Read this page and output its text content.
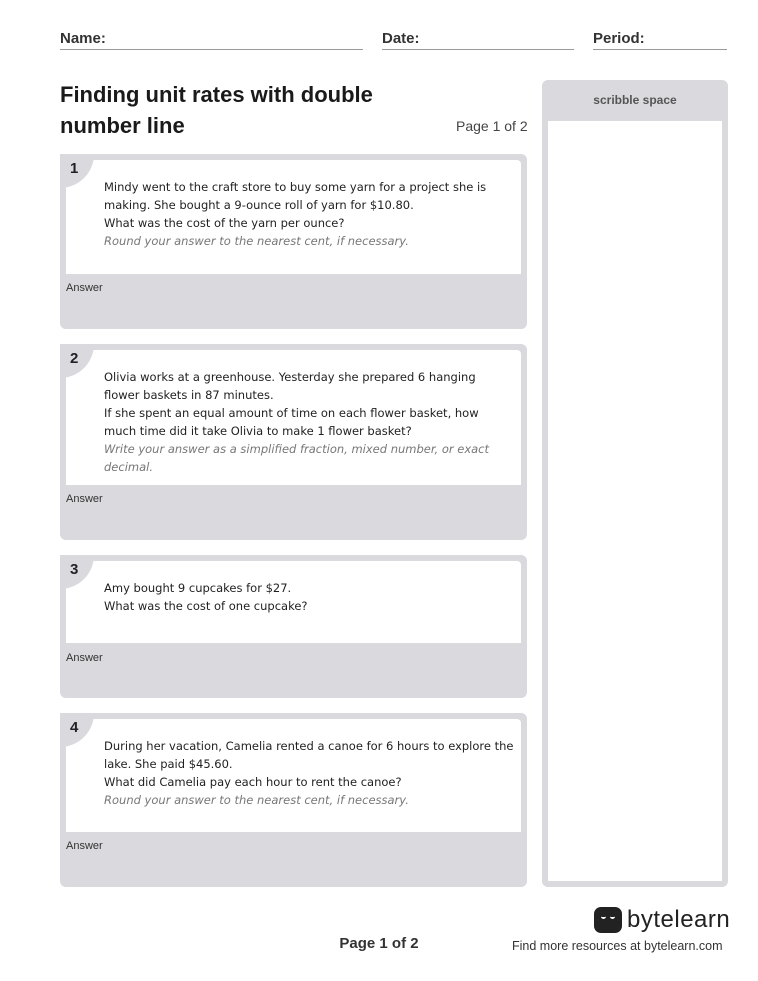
Name:	Date:	Period:
Finding unit rates with double number line	Page 1 of 2
scribble space

Mindy went to the craft store to buy some yarn for a project she is making. She bought a 9-ounce roll of yarn for $10.80.

What was the cost of the yarn per ounce?

Round your answer to the nearest cent, if necessary.

1
Answer

Olivia works at a greenhouse. Yesterday she prepared 6 hanging flower baskets in 87 minutes.

If she spent an equal amount of time on each flower basket, how much time did it take Olivia to make 1 flower basket?

Write your answer as a simplified fraction, mixed number, or exact decimal.

2
Answer

Amy bought 9 cupcakes for $27.

What was the cost of one cupcake?

3
Answer

During her vacation, Camelia rented a canoe for 6 hours to explore the lake. She paid $45.60.

What did Camelia pay each hour to rent the canoe?

Round your answer to the nearest cent, if necessary.

4
Answer
Page 1 of 2
bytelearn
Find more resources at bytelearn.com
